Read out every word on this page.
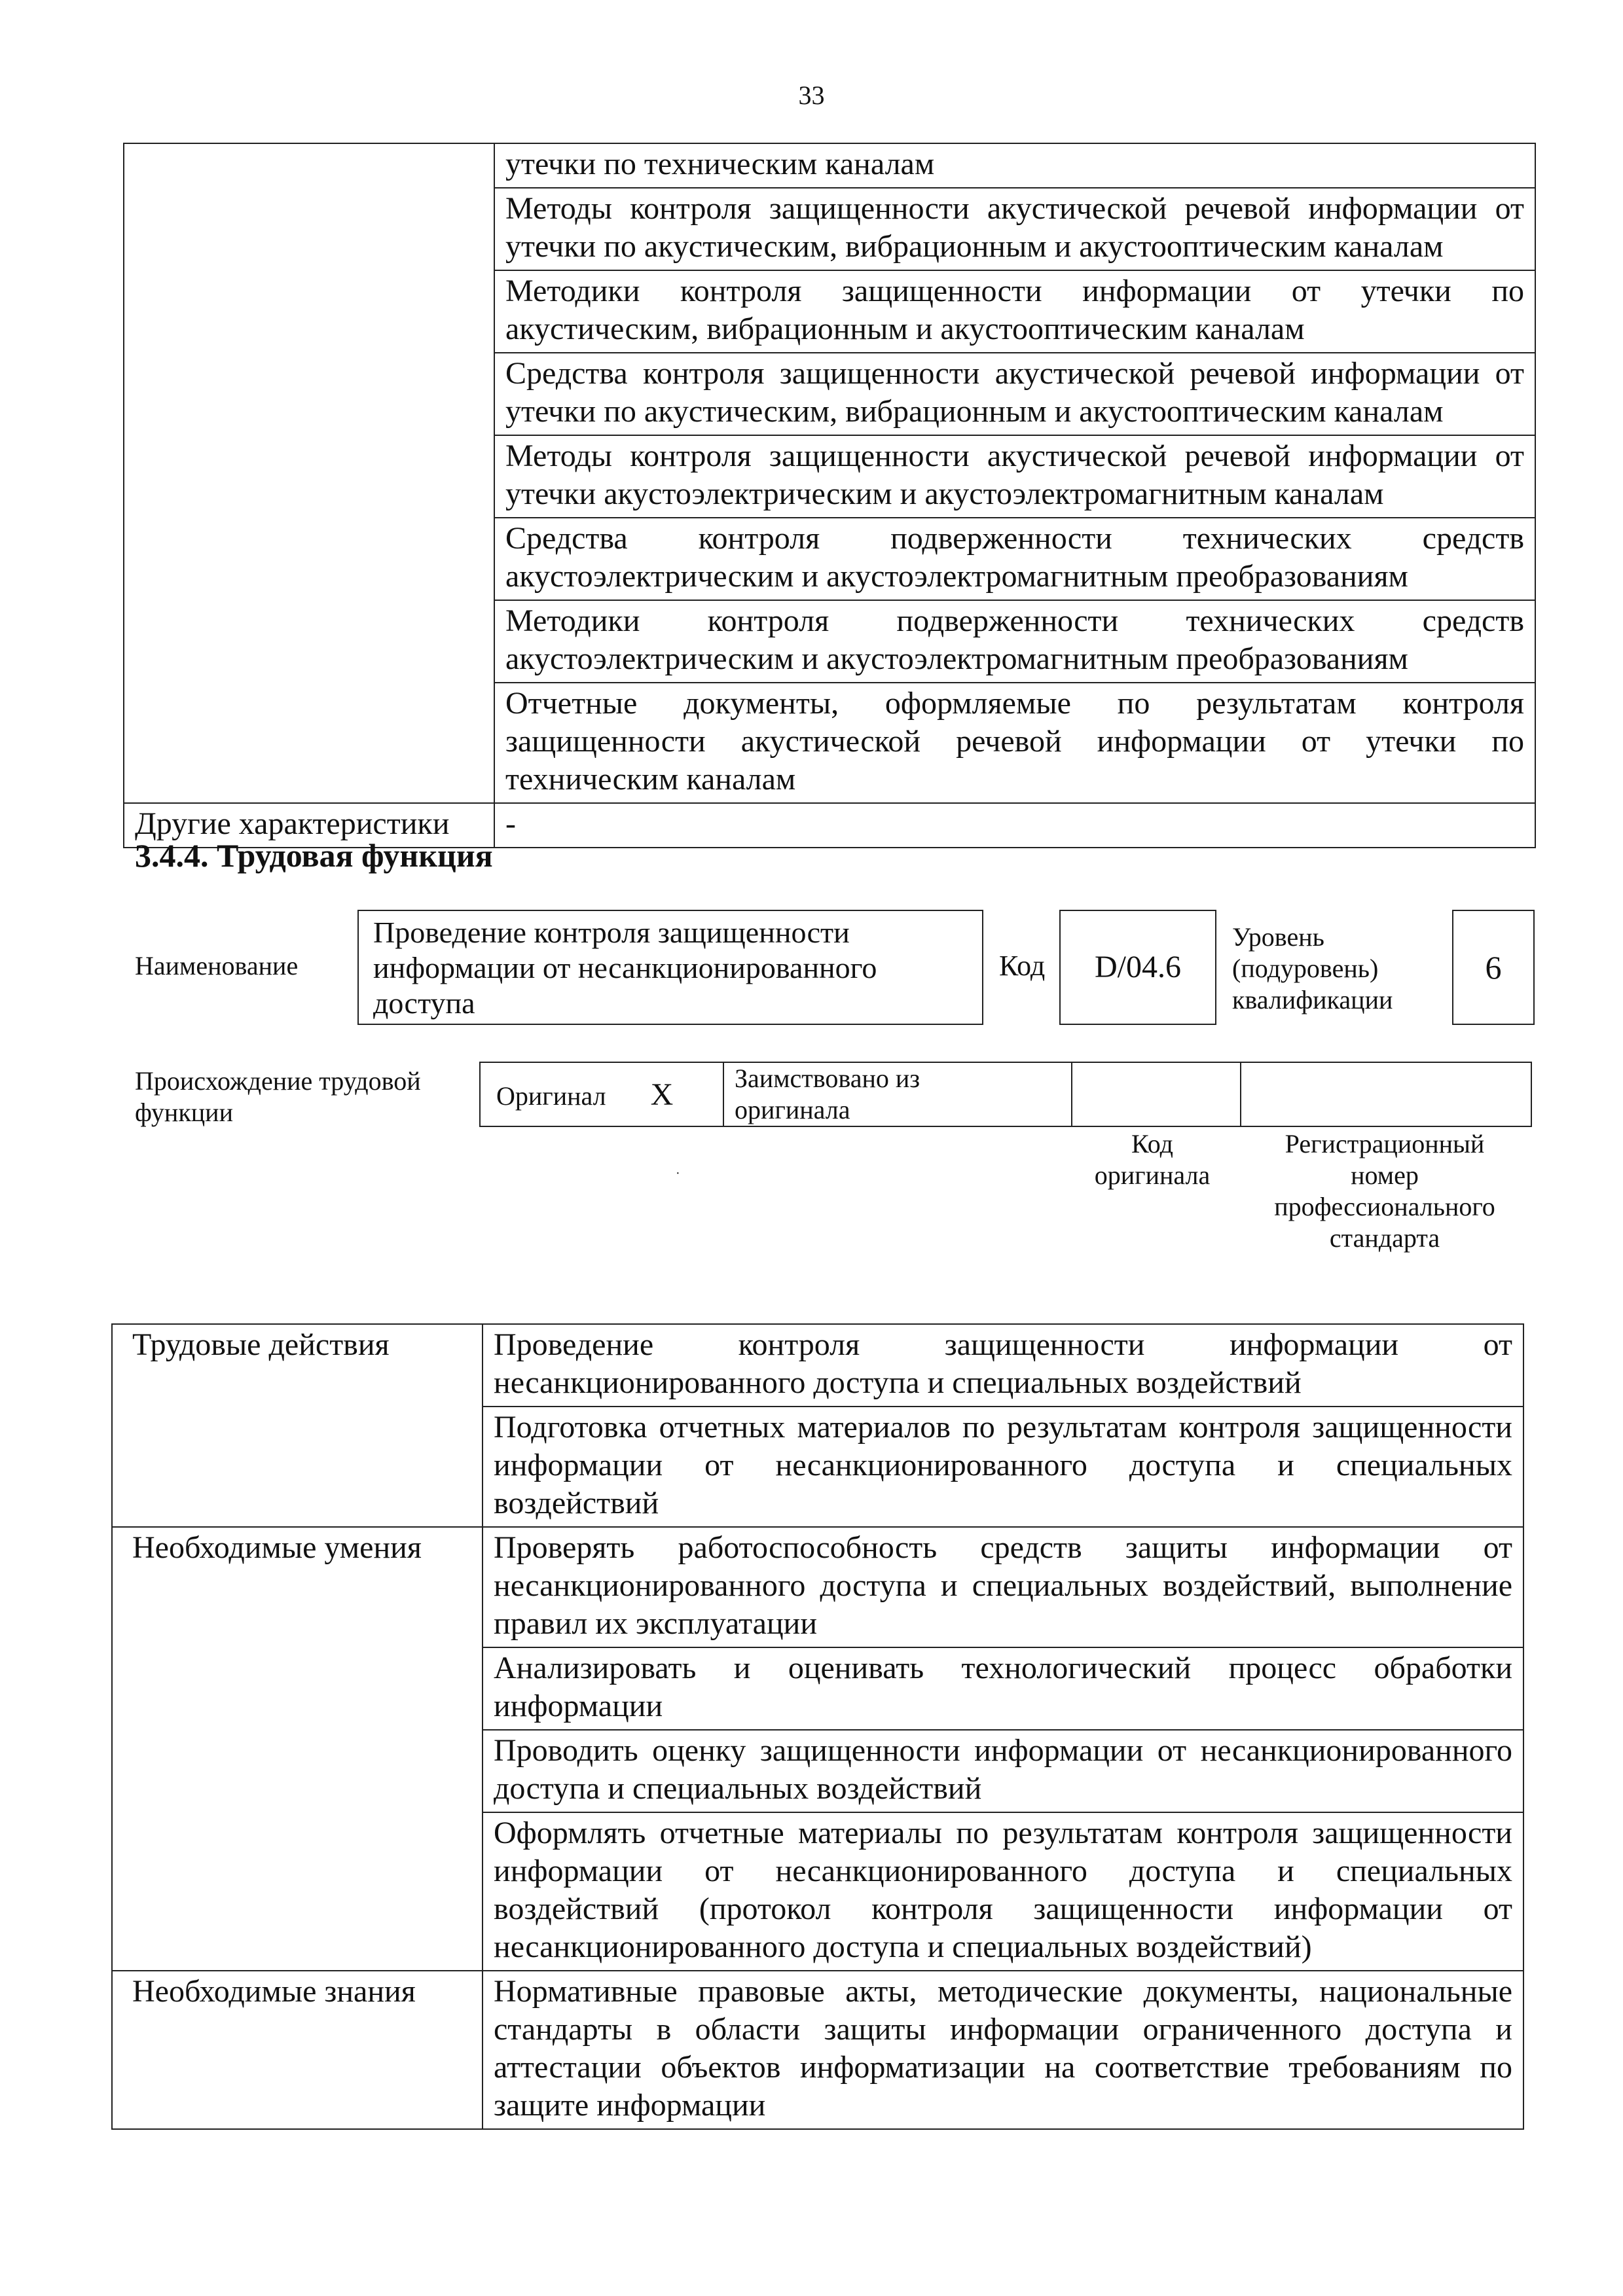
33
	утечки по техническим каналам
	Методы контроля защищенности акустической речевой информации от утечки по акустическим, вибрационным и акустооптическим каналам
	Методики контроля защищенности информации от утечки по акустическим, вибрационным и акустооптическим каналам
	Средства контроля защищенности акустической речевой информации от утечки по акустическим, вибрационным и акустооптическим каналам
	Методы контроля защищенности акустической речевой информации от утечки акустоэлектрическим и акустоэлектромагнитным каналам
	Средства контроля подверженности технических средств акустоэлектрическим и акустоэлектромагнитным преобразованиям
	Методики контроля подверженности технических средств акустоэлектрическим и акустоэлектромагнитным преобразованиям
	Отчетные документы, оформляемые по результатам контроля защищенности акустической речевой информации от утечки по техническим каналам
Другие характеристики	-
3.4.4. Трудовая функция
Наименование
Проведение контроля защищенности
информации от несанкционированного
доступа
Код	D/04.6
Уровень
(подуровень)
квалификации
6
Происхождение трудовой
функции
Оригинал X	Заимствовано из
оригинала

Код
оригинала
Регистрационный
номер
профессионального
стандарта
·
Трудовые действия	Проведение контроля защищенности информации от несанкционированного доступа и специальных воздействий
	Подготовка отчетных материалов по результатам контроля защищенности информации от несанкционированного доступа и специальных воздействий
Необходимые умения	Проверять работоспособность средств защиты информации от несанкционированного доступа и специальных воздействий, выполнение правил их эксплуатации
	Анализировать и оценивать технологический процесс обработки информации
	Проводить оценку защищенности информации от несанкционированного доступа и специальных воздействий
	Оформлять отчетные материалы по результатам контроля защищенности информации от несанкционированного доступа и специальных воздействий (протокол контроля защищенности информации от несанкционированного доступа и специальных воздействий)
Необходимые знания	Нормативные правовые акты, методические документы, национальные стандарты в области защиты информации ограниченного доступа и аттестации объектов информатизации на соответствие требованиям по защите информации
